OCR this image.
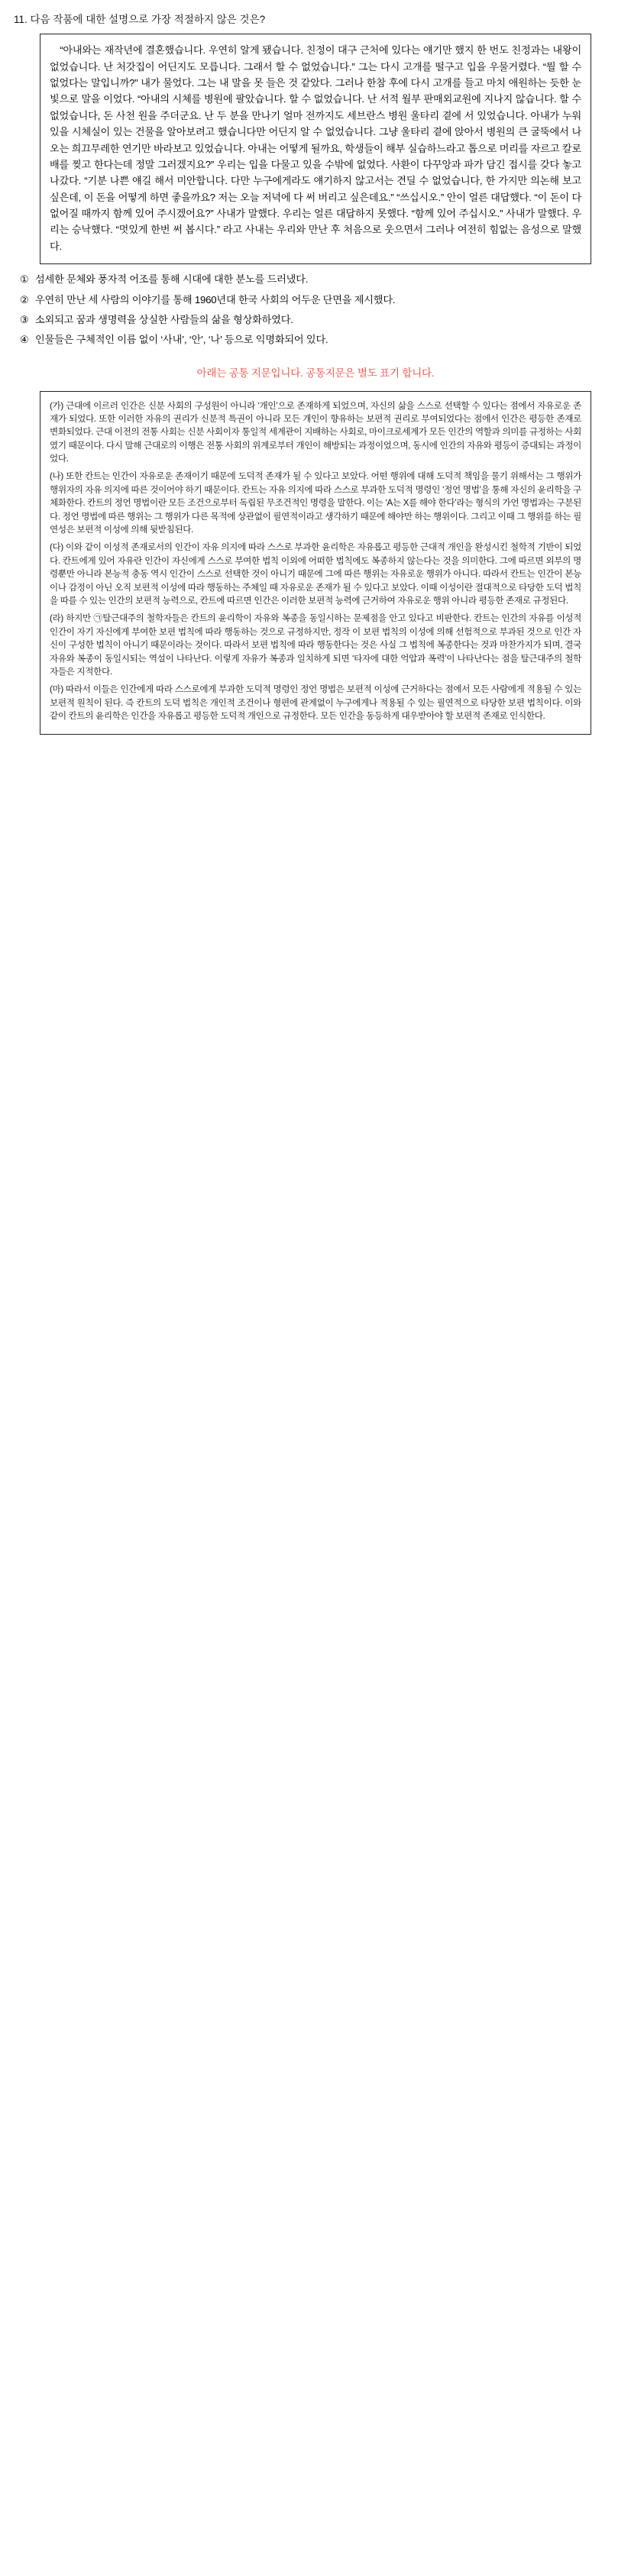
11. 다음 작품에 대한 설명으로 가장 적절하지 않은 것은?

“아내와는 재작년에 결혼했습니다. 우연히 알게 됐습니다. 친정이 대구 근처에 있다는 얘기만 했지 한 번도 친정과는 내왕이 없었습니다. 난 처갓집이 어딘지도 모릅니다. 그래서 할 수 없었습니다.” 그는 다시 고개를 떨구고 입을 우물거렸다. “뭘 할 수 없었다는 말입니까?” 내가 물었다. 그는 내 말을 못 들은 것 같았다. 그러나 한참 후에 다시 고개를 들고 마치 애원하는 듯한 눈빛으로 말을 이었다. “아내의 시체를 병원에 팔았습니다. 할 수 없었습니다. 난 서적 월부 판매외교원에 지나지 않습니다. 할 수 없었습니다, 돈 사천 원을 주더군요. 난 두 분을 만나기 얼마 전까지도 세브란스 병원 울타리 곁에 서 있었습니다. 아내가 누워 있을 시체실이 있는 건물을 알아보려고 했습니다만 어딘지 알 수 없었습니다. 그냥 울타리 곁에 앉아서 병원의 큰 굴뚝에서 나오는 희끄무레한 연기만 바라보고 있었습니다. 아내는 어떻게 될까요, 학생들이 해부 실습하느라고 톱으로 머리를 자르고 칼로 배를 찢고 한다는데 정말 그러겠지요?” 우리는 입을 다물고 있을 수밖에 없었다. 사환이 다꾸앙과 파가 담긴 접시를 갖다 놓고 나갔다. “기분 나쁜 얘길 해서 미안합니다. 다만 누구에게라도 얘기하지 않고서는 견딜 수 없었습니다, 한 가지만 의논해 보고 싶은데, 이 돈을 어떻게 하면 좋을까요? 저는 오늘 저녁에 다 써 버리고 싶은데요.” “쓰십시오.” 안이 얼른 대답했다. “이 돈이 다 없어질 때까지 함께 있어 주시겠어요?” 사내가 말했다. 우리는 얼른 대답하지 못했다. “함께 있어 주십시오.” 사내가 말했다. 우리는 승낙했다. “멋있게 한번 써 봅시다.” 라고 사내는 우리와 만난 후 처음으로 웃으면서 그러나 여전히 힘없는 음성으로 말했다.

① 섬세한 문체와 풍자적 어조를 통해 시대에 대한 분노를 드러냈다.
② 우연히 만난 세 사람의 이야기를 통해 1960년대 한국 사회의 어두운 단면을 제시했다.
③ 소외되고 꿈과 생명력을 상실한 사람들의 삶을 형상화하였다.
④ 인물들은 구체적인 이름 없이 ‘사내’, ‘안’, ‘나’ 등으로 익명화되어 있다.
아래는 공통 지문입니다. 공통지문은 별도 표기 합니다.

(가) 근대에 이르러 인간은 신분 사회의 구성원이 아니라 ‘개인’으로 존재하게 되었으며, 자신의 삶을 스스로 선택할 수 있다는 점에서 자유로운 존재가 되었다. 또한 이러한 자유의 권리가 신분적 특권이 아니라 모든 개인이 향유하는 보편적 권리로 부여되었다는 점에서 인간은 평등한 존재로 변화되었다. 근대 이전의 전통 사회는 신분 사회이자 통일적 세계관이 지배하는 사회로, 마이크로세계가 모든 인간의 역할과 의미를 규정하는 사회였기 때문이다. 다시 말해 근대로의 이행은 전통 사회의 위계로부터 개인이 해방되는 과정이었으며, 동시에 인간의 자유와 평등이 증대되는 과정이었다.

(나) 또한 칸트는 인간이 자유로운 존재이기 때문에 도덕적 존재가 될 수 있다고 보았다. 어떤 행위에 대해 도덕적 책임을 물기 위해서는 그 행위가 행위자의 자유 의지에 따른 것이어야 하기 때문이다. 칸트는 자유 의지에 따라 스스로 부과한 도덕적 명령인 ‘정언 명법’을 통해 자신의 윤리학을 구체화한다. 칸트의 정언 명법이란 모든 조건으로부터 독립된 무조건적인 명령을 말한다. 이는 ‘A는 X를 해야 한다’라는 형식의 가언 명법과는 구분된다. 정언 명법에 따른 행위는 그 행위가 다른 목적에 상관없이 필연적이라고 생각하기 때문에 해야만 하는 행위이다. 그리고 이때 그 행위를 하는 필연성은 보편적 이성에 의해 뒷받침된다.

(다) 이와 같이 이성적 존재로서의 인간이 자유 의지에 따라 스스로 부과한 윤리학은 자유롭고 평등한 근대적 개인을 완성시킨 철학적 기반이 되었다. 칸트에게 있어 자유란 인간이 자신에게 스스로 부여한 법칙 이외에 어떠한 법칙에도 복종하지 않는다는 것을 의미한다. 그에 따르면 외부의 명령뿐만 아니라 본능적 충동 역시 인간이 스스로 선택한 것이 아니기 때문에 그에 따른 행위는 자유로운 행위가 아니다. 따라서 칸트는 인간이 본능이나 감정이 아닌 오직 보편적 이성에 따라 행동하는 주체일 때 자유로운 존재가 될 수 있다고 보았다. 이때 이성이란 절대적으로 타당한 도덕 법칙을 따를 수 있는 인간의 보편적 능력으로, 칸트에 따르면 인간은 이러한 보편적 능력에 근거하여 자유로운 행위 아니라 평등한 존재로 규정된다.

(라) 하지만 ㉠탈근대주의 철학자들은 칸트의 윤리학이 자유와 복종을 동일시하는 문제점을 안고 있다고 비판한다. 칸트는 인간의 자유를 이성적 인간이 자기 자신에게 부여한 보편 법칙에 따라 행동하는 것으로 규정하지만, 정작 이 보편 법칙의 이성에 의해 선험적으로 부과된 것으로 인간 자신이 구성한 법칙이 아니기 때문이라는 것이다. 따라서 보편 법칙에 따라 행동한다는 것은 사실 그 법칙에 복종한다는 것과 마찬가지가 되며, 결국 자유와 복종이 동일시되는 역설이 나타난다. 이렇게 자유가 복종과 일치하게 되면 ‘타자에 대한 억압과 폭력’이 나타난다는 점을 탈근대주의 철학자들은 지적한다.

(마) 따라서 이들은 인간에게 따라 스스로에게 부과한 도덕적 명령인 정언 명법은 보편적 이성에 근거하다는 점에서 모든 사람에게 적용될 수 있는 보편적 원칙이 된다. 즉 칸트의 도덕 법칙은 개인적 조건이나 형편에 관계없이 누구에게나 적용될 수 있는 필연적으로 타당한 보편 법칙이다. 이와 같이 칸트의 윤리학은 인간을 자유롭고 평등한 도덕적 개인으로 규정한다. 모든 인간을 동등하게 대우받아야 할 보편적 존재로 인식한다.
